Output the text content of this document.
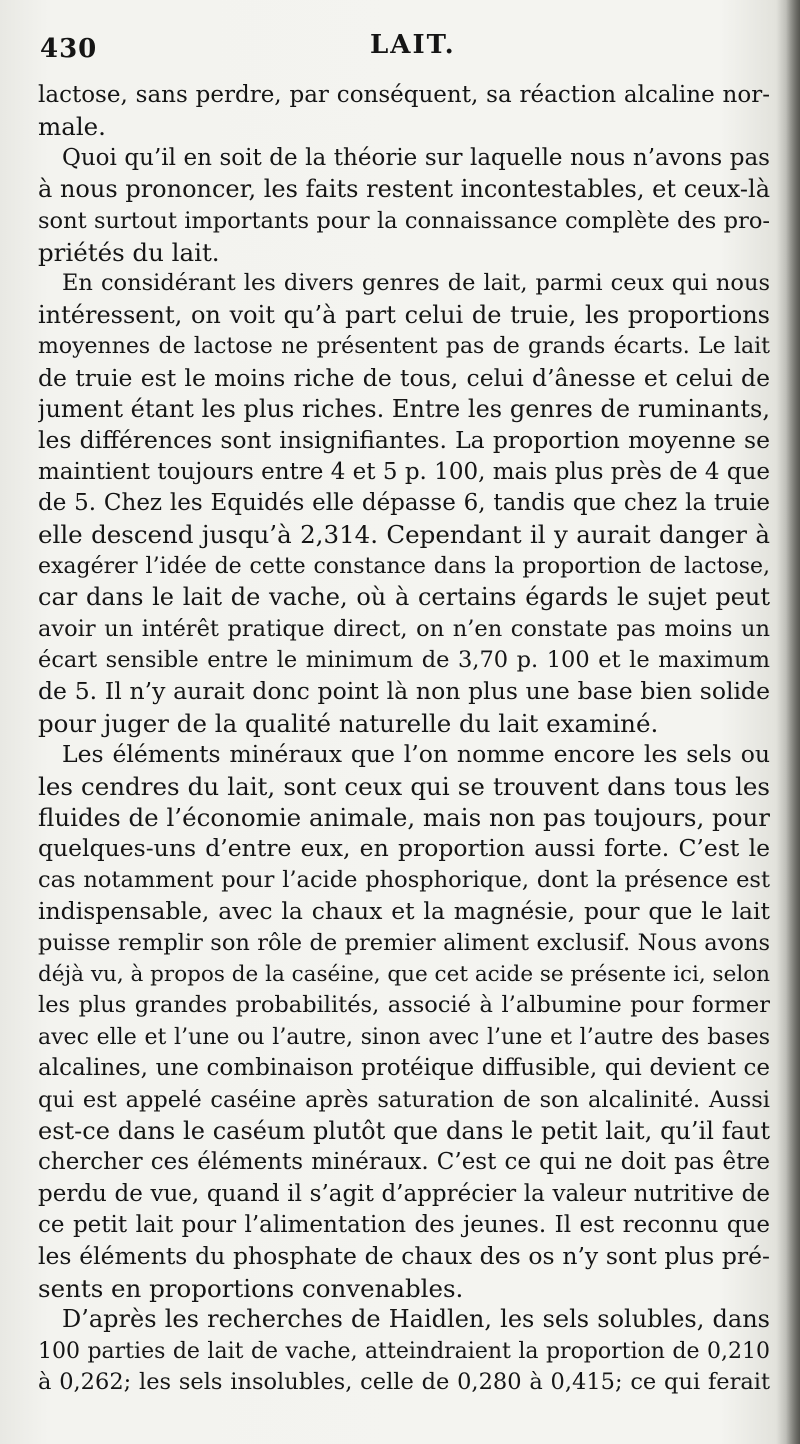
430	LAIT.
lactose, sans perdre, par conséquent, sa réaction alcaline nor-
male.
Quoi qu’il en soit de la théorie sur laquelle nous n’avons pas
à nous prononcer, les faits restent incontestables, et ceux-là
sont surtout importants pour la connaissance complète des pro-
priétés du lait.
En considérant les divers genres de lait, parmi ceux qui nous
intéressent, on voit qu’à part celui de truie, les proportions
moyennes de lactose ne présentent pas de grands écarts. Le lait
de truie est le moins riche de tous, celui d’ânesse et celui de
jument étant les plus riches. Entre les genres de ruminants,
les différences sont insignifiantes. La proportion moyenne se
maintient toujours entre 4 et 5 p. 100, mais plus près de 4 que
de 5. Chez les Equidés elle dépasse 6, tandis que chez la truie
elle descend jusqu’à 2,314. Cependant il y aurait danger à
exagérer l’idée de cette constance dans la proportion de lactose,
car dans le lait de vache, où à certains égards le sujet peut
avoir un intérêt pratique direct, on n’en constate pas moins un
écart sensible entre le minimum de 3,70 p. 100 et le maximum
de 5. Il n’y aurait donc point là non plus une base bien solide
pour juger de la qualité naturelle du lait examiné.
Les éléments minéraux que l’on nomme encore les sels ou
les cendres du lait, sont ceux qui se trouvent dans tous les
fluides de l’économie animale, mais non pas toujours, pour
quelques-uns d’entre eux, en proportion aussi forte. C’est le
cas notamment pour l’acide phosphorique, dont la présence est
indispensable, avec la chaux et la magnésie, pour que le lait
puisse remplir son rôle de premier aliment exclusif. Nous avons
déjà vu, à propos de la caséine, que cet acide se présente ici, selon
les plus grandes probabilités, associé à l’albumine pour former
avec elle et l’une ou l’autre, sinon avec l’une et l’autre des bases
alcalines, une combinaison protéique diffusible, qui devient ce
qui est appelé caséine après saturation de son alcalinité. Aussi
est-ce dans le caséum plutôt que dans le petit lait, qu’il faut
chercher ces éléments minéraux. C’est ce qui ne doit pas être
perdu de vue, quand il s’agit d’apprécier la valeur nutritive de
ce petit lait pour l’alimentation des jeunes. Il est reconnu que
les éléments du phosphate de chaux des os n’y sont plus pré-
sents en proportions convenables.
D’après les recherches de Haidlen, les sels solubles, dans
100 parties de lait de vache, atteindraient la proportion de 0,210
à 0,262; les sels insolubles, celle de 0,280 à 0,415; ce qui ferait
